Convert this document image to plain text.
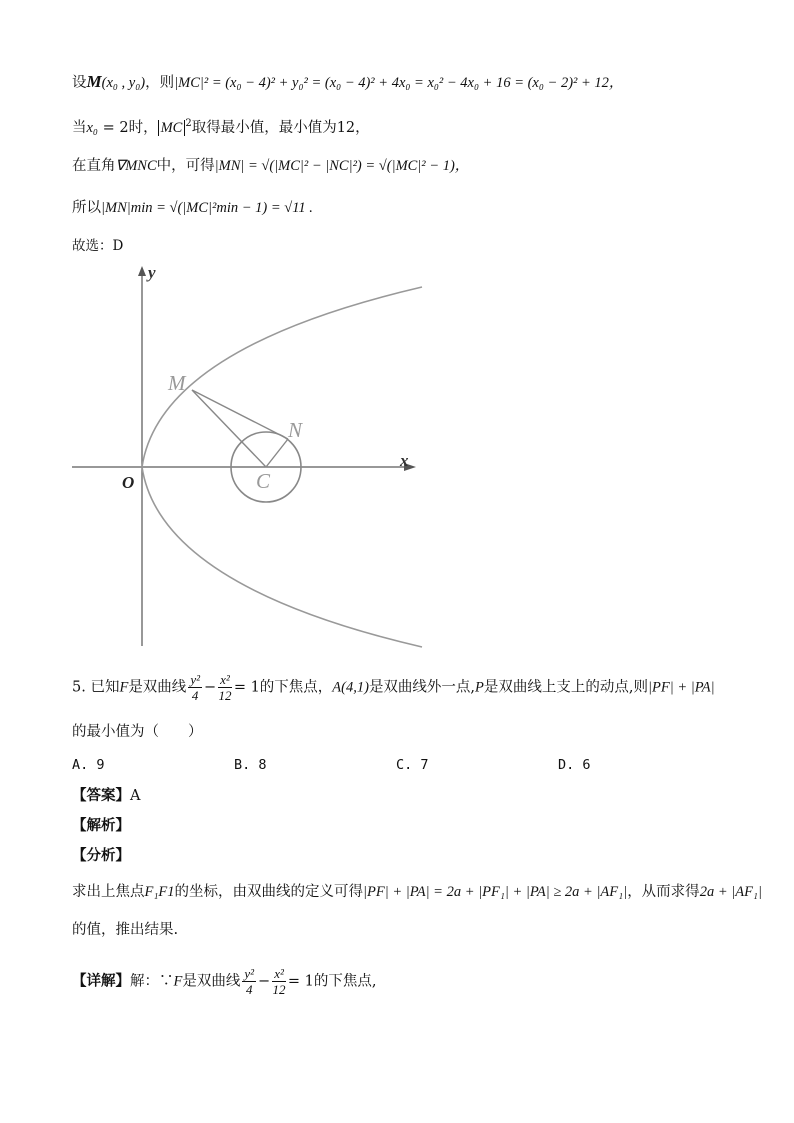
设M(x₀ , y₀)，则|MC|² = (x₀ − 4)² + y₀² = (x₀ − 4)² + 4x₀ = x₀² − 4x₀ + 16 = (x₀ − 2)² + 12，
当x₀ = 2时， MC $^2$取得最小值，最小值为12，
在直角∇MNC中，可得|MN| = √(|MC|² − |NC|²) = √(|MC|² − 1)，
所以|MN|min = √(|MC|²min − 1) = √11 .
故选：D
y
x
O
M
N
C
5. 已知F是双曲线 $\frac{\text{y²}}{4} - \frac{\text{x²}}{12} = 1$的下焦点，A(4,1)是双曲线外一点,P是双曲线上支上的动点,则|PF| + |PA|
的最小值为（　　）
A. 9	B. 8	C. 7	D. 6
【答案】A
【解析】
【分析】
求出上焦点F₁F1的坐标，由双曲线的定义可得|PF| + |PA| = 2a + |PF₁| + |PA| ≥ 2a + |AF₁|，从而求得2a + |AF₁|
的值，推出结果.
【详解】解：∵F是双曲线 $\frac{\text{y²}}{4} - \frac{\text{x²}}{12} = 1$的下焦点,
